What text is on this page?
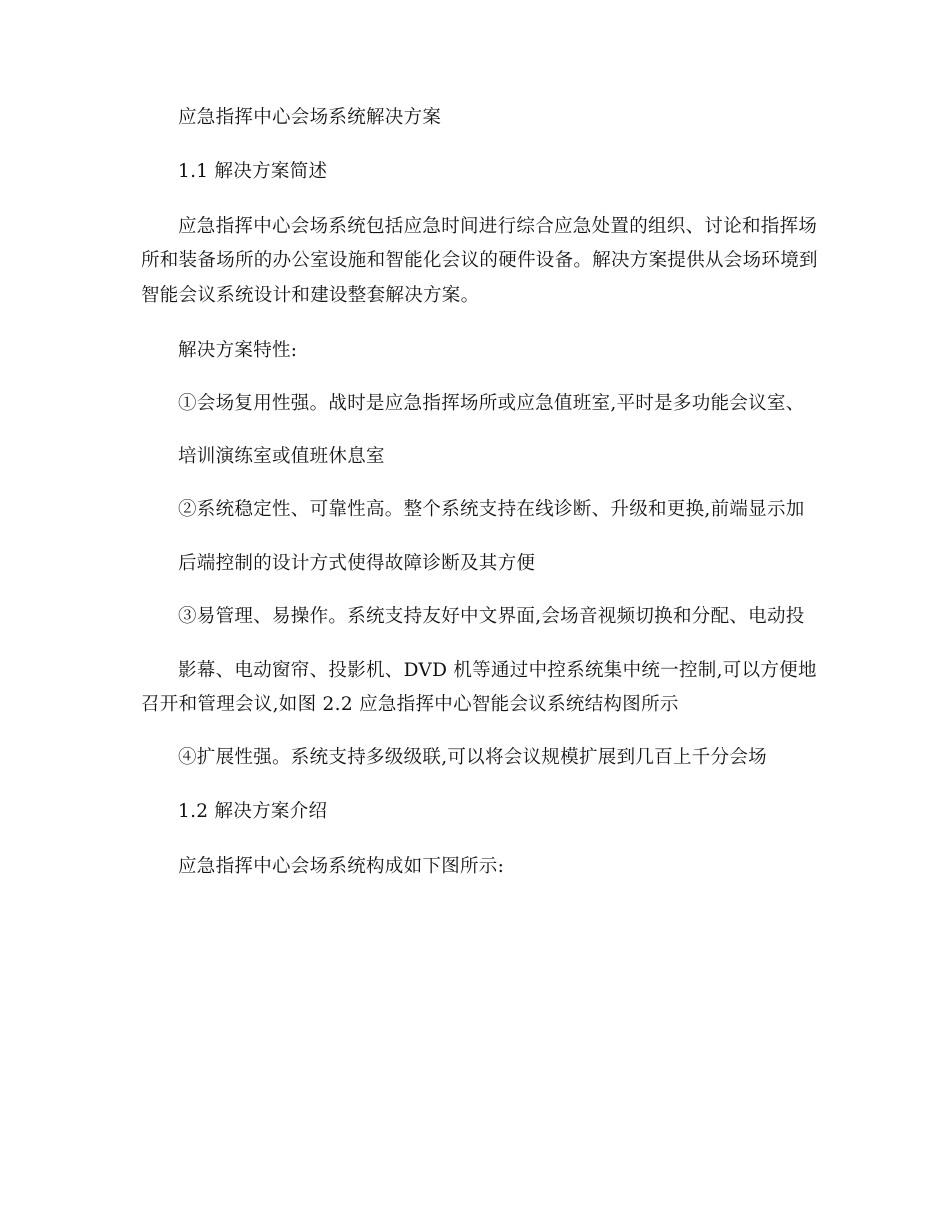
应急指挥中心会场系统解决方案
1.1 解决方案简述
应急指挥中心会场系统包括应急时间进行综合应急处置的组织、讨论和指挥场
所和装备场所的办公室设施和智能化会议的硬件设备。解决方案提供从会场环境到
智能会议系统设计和建设整套解决方案。
解决方案特性:
①会场复用性强。战时是应急指挥场所或应急值班室,平时是多功能会议室、
培训演练室或值班休息室
②系统稳定性、可靠性高。整个系统支持在线诊断、升级和更换,前端显示加
后端控制的设计方式使得故障诊断及其方便
③易管理、易操作。系统支持友好中文界面,会场音视频切换和分配、电动投
影幕、电动窗帘、投影机、DVD 机等通过中控系统集中统一控制,可以方便地
召开和管理会议,如图 2.2 应急指挥中心智能会议系统结构图所示
④扩展性强。系统支持多级级联,可以将会议规模扩展到几百上千分会场
1.2 解决方案介绍
应急指挥中心会场系统构成如下图所示:
